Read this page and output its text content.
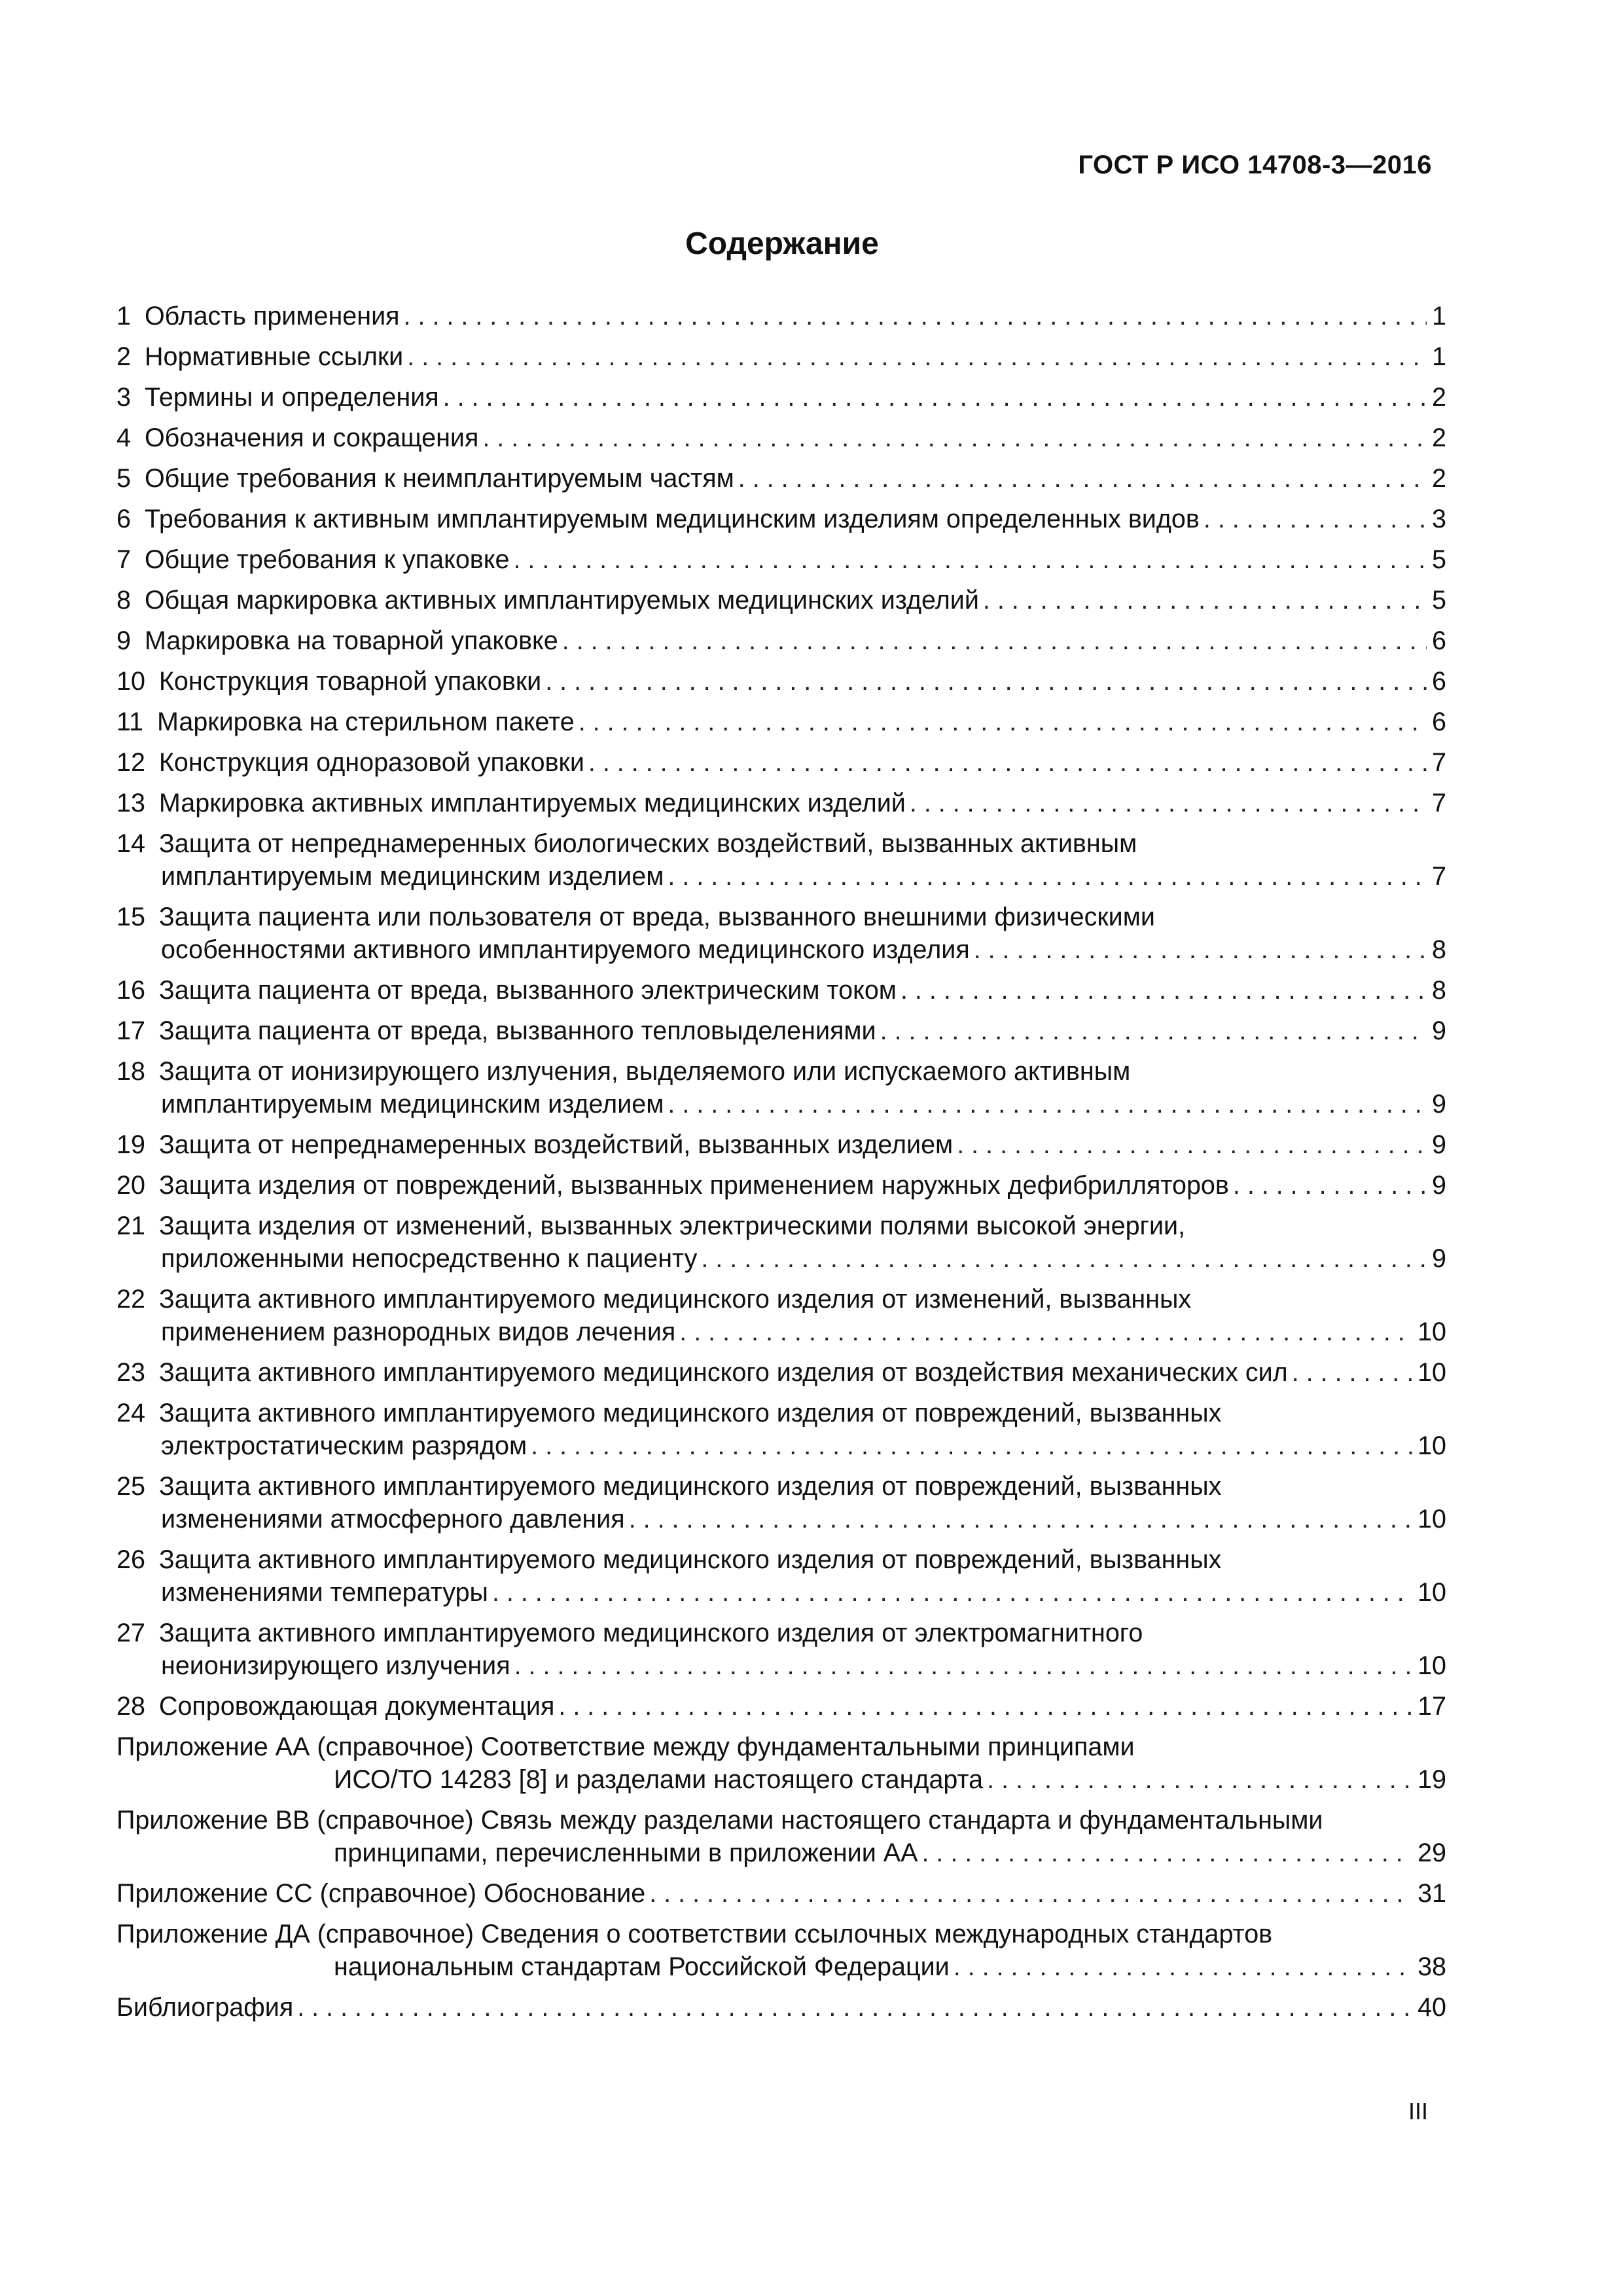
ГОСТ Р ИСО 14708-3—2016
Содержание
1 Область применения . . .	1
2 Нормативные ссылки . . .	1
3 Термины и определения . . .	2
4 Обозначения и сокращения . . .	2
5 Общие требования к неимплантируемым частям . . .	2
6 Требования к активным имплантируемым медицинским изделиям определенных видов . . .	3
7 Общие требования к упаковке . . .	5
8 Общая маркировка активных имплантируемых медицинских изделий . . .	5
9 Маркировка на товарной упаковке . . .	6
10 Конструкция товарной упаковки . . .	6
11 Маркировка на стерильном пакете . . .	6
12 Конструкция одноразовой упаковки . . .	7
13 Маркировка активных имплантируемых медицинских изделий . . .	7
14 Защита от непреднамеренных биологических воздействий, вызванных активным
имплантируемым медицинским изделием . . .	7
15 Защита пациента или пользователя от вреда, вызванного внешними физическими
особенностями активного имплантируемого медицинского изделия . . .	8
16 Защита пациента от вреда, вызванного электрическим током . . .	8
17 Защита пациента от вреда, вызванного тепловыделениями . . .	9
18 Защита от ионизирующего излучения, выделяемого или испускаемого активным
имплантируемым медицинским изделием . . .	9
19 Защита от непреднамеренных воздействий, вызванных изделием . . .	9
20 Защита изделия от повреждений, вызванных применением наружных дефибрилляторов . . .	9
21 Защита изделия от изменений, вызванных электрическими полями высокой энергии,
приложенными непосредственно к пациенту . . .	9
22 Защита активного имплантируемого медицинского изделия от изменений, вызванных
применением разнородных видов лечения . . .	10
23 Защита активного имплантируемого медицинского изделия от воздействия механических сил . . .	10
24 Защита активного имплантируемого медицинского изделия от повреждений, вызванных
электростатическим разрядом . . .	10
25 Защита активного имплантируемого медицинского изделия от повреждений, вызванных
изменениями атмосферного давления . . .	10
26 Защита активного имплантируемого медицинского изделия от повреждений, вызванных
изменениями температуры . . .	10
27 Защита активного имплантируемого медицинского изделия от электромагнитного
неионизирующего излучения . . .	10
28 Сопровождающая документация . . .	17
Приложение АА (справочное) Соответствие между фундаментальными принципами
ИСО/ТО 14283 [8] и разделами настоящего стандарта . . .	19
Приложение ВВ (справочное) Связь между разделами настоящего стандарта и фундаментальными
принципами, перечисленными в приложении АА . . .	29
Приложение СС (справочное) Обоснование . . .	31
Приложение ДА (справочное) Сведения о соответствии ссылочных международных стандартов
национальным стандартам Российской Федерации . . .	38
Библиография . . .	40
III
